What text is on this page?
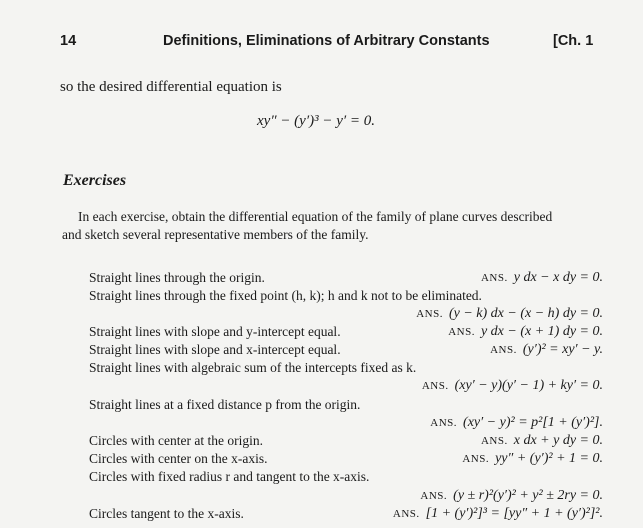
14	Definitions, Eliminations of Arbitrary Constants	[Ch. 1
so the desired differential equation is
xy″ − (y′)³ − y′ = 0.
Exercises
In each exercise, obtain the differential equation of the family of plane curves described
and sketch several representative members of the family.
Straight lines through the origin.	ANS. y dx − x dy = 0.
Straight lines through the fixed point (h, k); h and k not to be eliminated.
ANS. (y − k) dx − (x − h) dy = 0.
Straight lines with slope and y-intercept equal.	ANS. y dx − (x + 1) dy = 0.
Straight lines with slope and x-intercept equal.	ANS. (y′)² = xy′ − y.
Straight lines with algebraic sum of the intercepts fixed as k.
ANS. (xy′ − y)(y′ − 1) + ky′ = 0.
Straight lines at a fixed distance p from the origin.
ANS. (xy′ − y)² = p²[1 + (y′)²].
Circles with center at the origin.	ANS. x dx + y dy = 0.
Circles with center on the x-axis.	ANS. yy″ + (y′)² + 1 = 0.
Circles with fixed radius r and tangent to the x-axis.
ANS. (y ± r)²(y′)² + y² ± 2ry = 0.
Circles tangent to the x-axis.	ANS. [1 + (y′)²]³ = [yy″ + 1 + (y′)²]².
